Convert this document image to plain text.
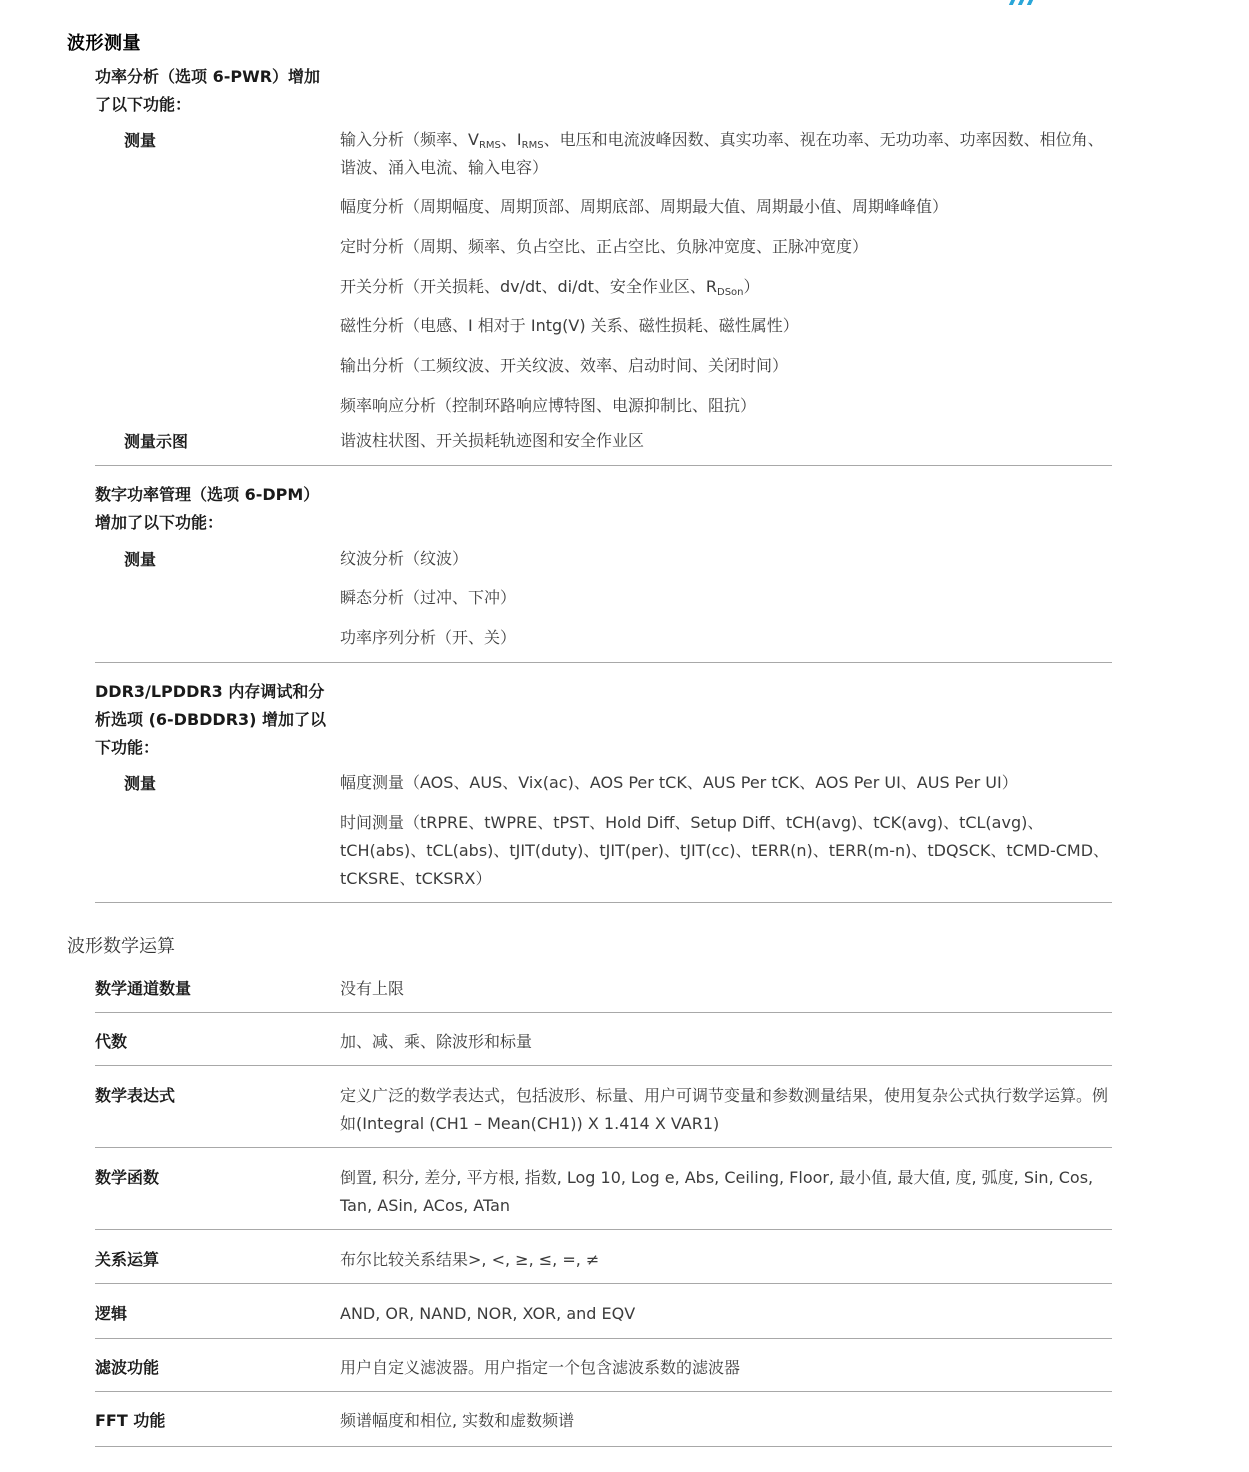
波形测量
功率分析（选项 6-PWR）增加了以下功能：
测量	输入分析（频率、$V_{RMS}$、$I_{RMS}$、电压和电流波峰因数、真实功率、视在功率、无功功率、功率因数、相位角、谐波、涌入电流、输入电容）
幅度分析（周期幅度、周期顶部、周期底部、周期最大值、周期最小值、周期峰峰值）
定时分析（周期、频率、负占空比、正占空比、负脉冲宽度、正脉冲宽度）
开关分析（开关损耗、dv/dt、di/dt、安全作业区、$R_{DSon}$）
磁性分析（电感、I 相对于 Intg(V) 关系、磁性损耗、磁性属性）
输出分析（工频纹波、开关纹波、效率、启动时间、关闭时间）
频率响应分析（控制环路响应博特图、电源抑制比、阻抗）
测量示图	谐波柱状图、开关损耗轨迹图和安全作业区
数字功率管理（选项 6-DPM）增加了以下功能：
测量	纹波分析（纹波）
瞬态分析（过冲、下冲）
功率序列分析（开、关）
DDR3/LPDDR3 内存调试和分析选项 (6-DBDDR3) 增加了以下功能：
测量	幅度测量（AOS、AUS、Vix(ac)、AOS Per tCK、AUS Per tCK、AOS Per UI、AUS Per UI）
时间测量（tRPRE、tWPRE、tPST、Hold Diff、Setup Diff、tCH(avg)、tCK(avg)、tCL(avg)、tCH(abs)、tCL(abs)、tJIT(duty)、tJIT(per)、tJIT(cc)、tERR(n)、tERR(m-n)、tDQSCK、tCMD-CMD、tCKSRE、tCKSRX）
波形数学运算
数学通道数量	没有上限
代数	加、减、乘、除波形和标量
数学表达式	定义广泛的数学表达式，包括波形、标量、用户可调节变量和参数测量结果，使用复杂公式执行数学运算。例如(Integral (CH1 – Mean(CH1)) X 1.414 X VAR1)
数学函数	倒置, 积分, 差分, 平方根, 指数, Log 10, Log e, Abs, Ceiling, Floor, 最小值, 最大值, 度, 弧度, Sin, Cos, Tan, ASin, ACos, ATan
关系运算	布尔比较关系结果>, <, ≥, ≤, =, ≠
逻辑	AND, OR, NAND, NOR, XOR, and EQV
滤波功能	用户自定义滤波器。用户指定一个包含滤波系数的滤波器
FFT 功能	频谱幅度和相位, 实数和虚数频谱
